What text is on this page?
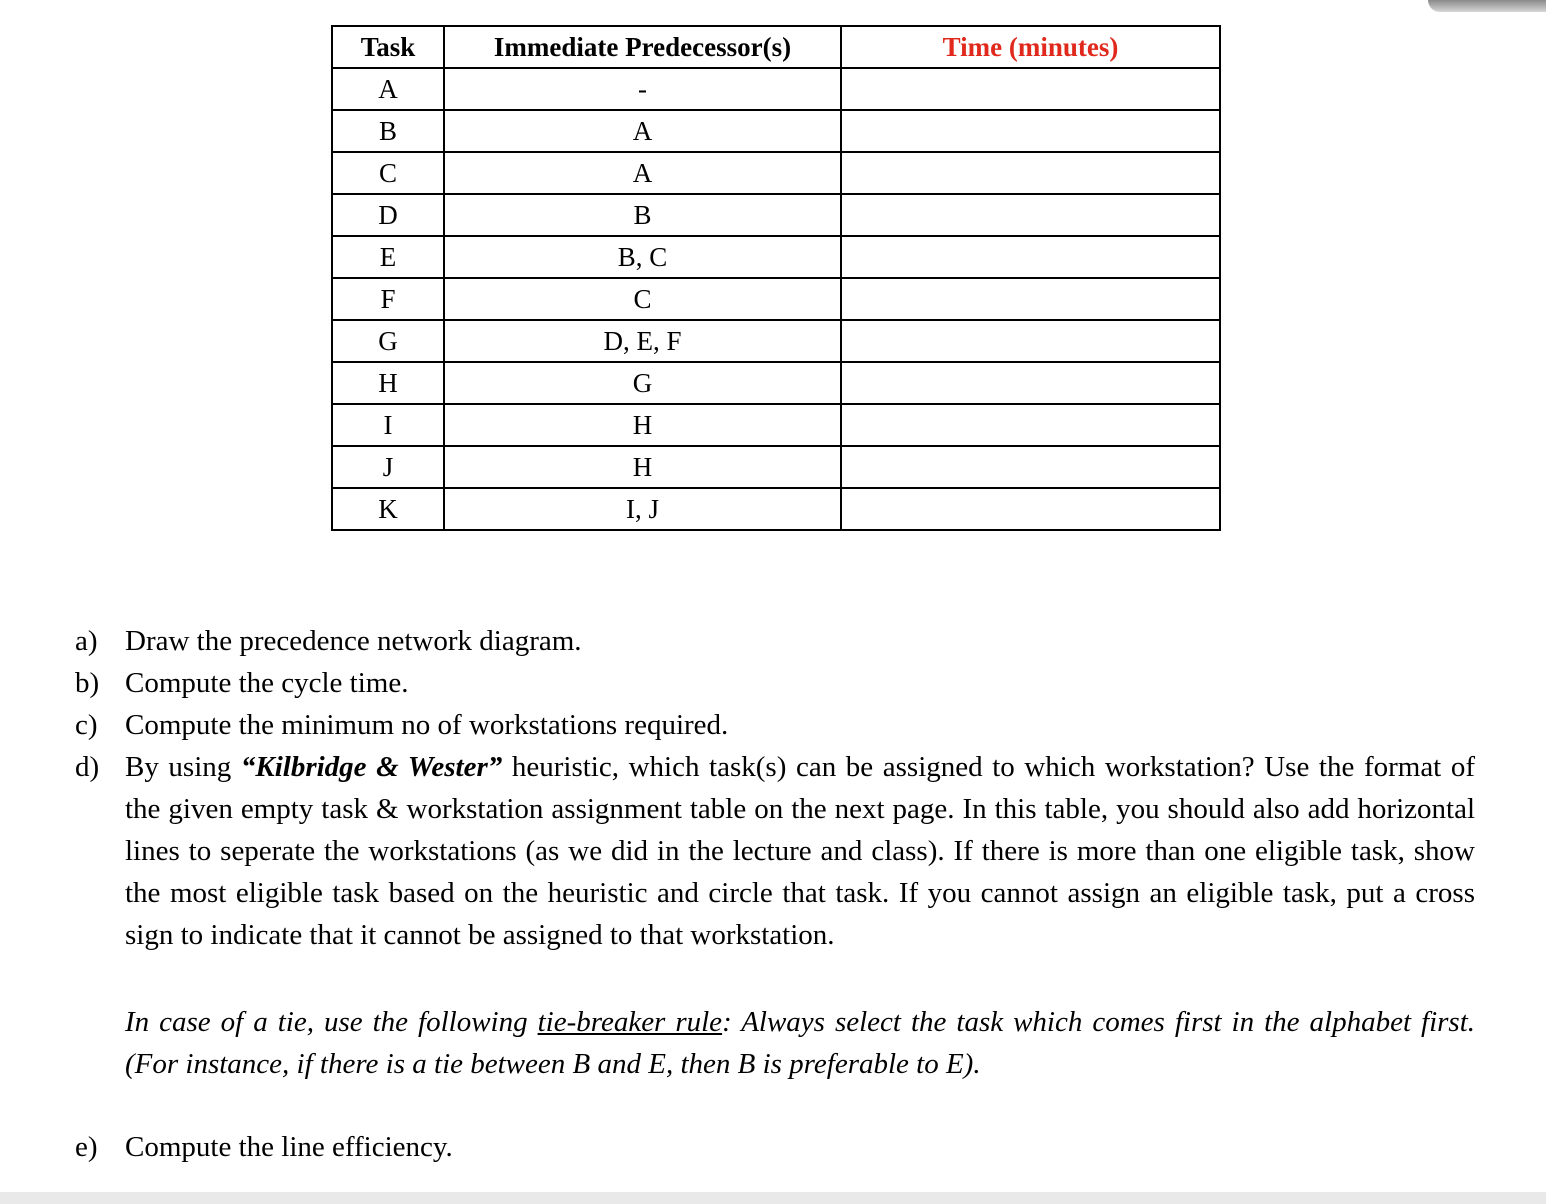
Task	Immediate Predecessor(s)	Time (minutes)
A	-	
B	A	
C	A	
D	B	
E	B, C	
F	C	
G	D, E, F	
H	G	
I	H	
J	H	
K	I, J	
a) Draw the precedence network diagram.
b) Compute the cycle time.
c) Compute the minimum no of workstations required.
d) By using “Kilbridge & Wester” heuristic, which task(s) can be assigned to which workstation? Use the format of the given empty task & workstation assignment table on the next page. In this table, you should also add horizontal lines to seperate the workstations (as we did in the lecture and class). If there is more than one eligible task, show the most eligible task based on the heuristic and circle that task. If you cannot assign an eligible task, put a cross sign to indicate that it cannot be assigned to that workstation.
In case of a tie, use the following tie-breaker rule: Always select the task which comes first in the alphabet first. (For instance, if there is a tie between B and E, then B is preferable to E).
e) Compute the line efficiency.
